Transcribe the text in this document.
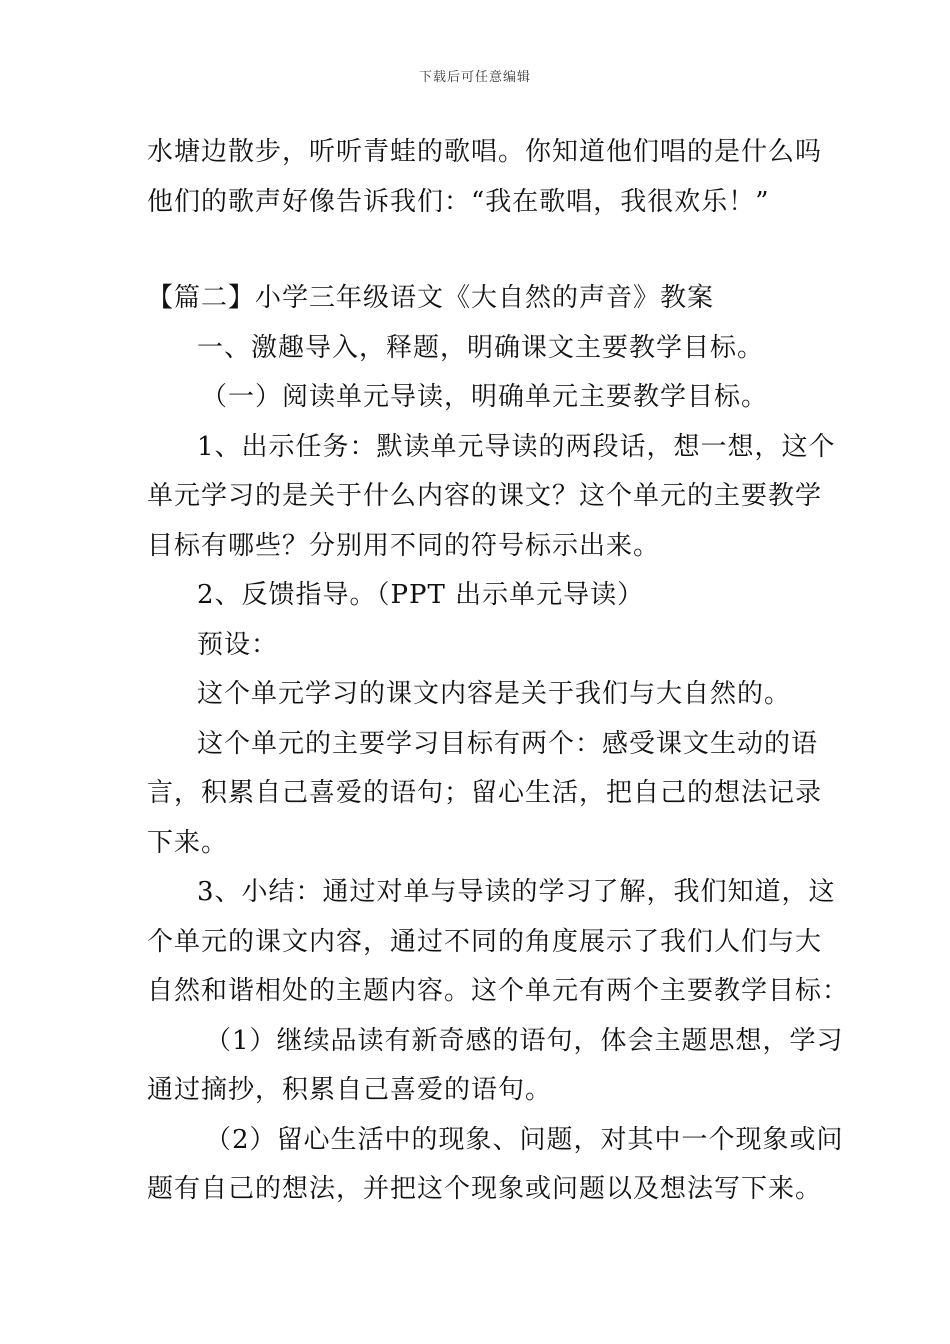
下载后可任意编辑
水塘边散步，听听青蛙的歌唱。你知道他们唱的是什么吗
他们的歌声好像告诉我们：“我在歌唱，我很欢乐！”
【篇二】小学三年级语文《大自然的声音》教案
一、激趣导入，释题，明确课文主要教学目标。
（一）阅读单元导读，明确单元主要教学目标。
1、出示任务：默读单元导读的两段话，想一想，这个
单元学习的是关于什么内容的课文？这个单元的主要教学
目标有哪些？分别用不同的符号标示出来。
2、反馈指导。（PPT 出示单元导读）
预设：
这个单元学习的课文内容是关于我们与大自然的。
这个单元的主要学习目标有两个：感受课文生动的语
言，积累自己喜爱的语句；留心生活，把自己的想法记录
下来。
3、小结：通过对单与导读的学习了解，我们知道，这
个单元的课文内容，通过不同的角度展示了我们人们与大
自然和谐相处的主题内容。这个单元有两个主要教学目标：
（1）继续品读有新奇感的语句，体会主题思想，学习
通过摘抄，积累自己喜爱的语句。
（2）留心生活中的现象、问题，对其中一个现象或问
题有自己的想法，并把这个现象或问题以及想法写下来。
